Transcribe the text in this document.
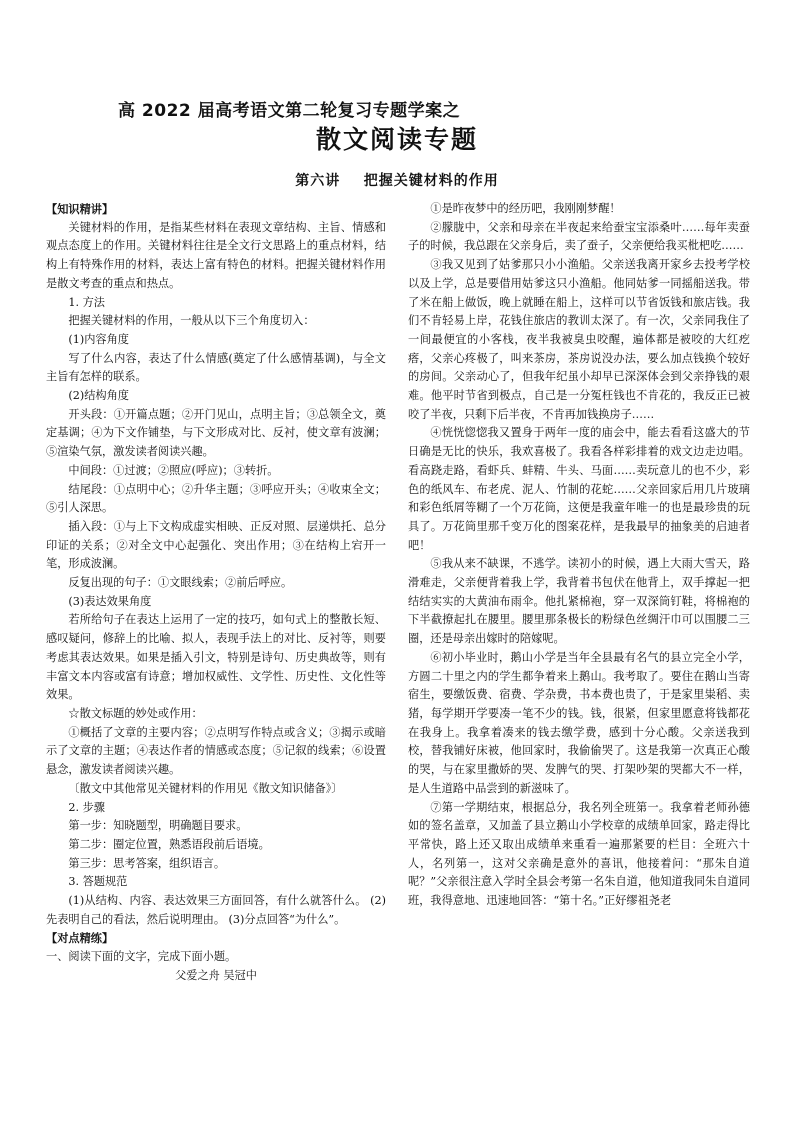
高 2022 届高考语文第二轮复习专题学案之
散文阅读专题
第六讲    把握关键材料的作用

【知识精讲】

关键材料的作用，是指某些材料在表现文章结构、主旨、情感和观点态度上的作用。关键材料往往是全文行文思路上的重点材料，结构上有特殊作用的材料，表达上富有特色的材料。把握关键材料作用是散文考查的重点和热点。

1. 方法

把握关键材料的作用，一般从以下三个角度切入：

(1)内容角度

写了什么内容，表达了什么情感(奠定了什么感情基调)，与全文主旨有怎样的联系。

(2)结构角度

开头段：①开篇点题；②开门见山，点明主旨；③总领全文，奠定基调；④为下文作铺垫，与下文形成对比、反衬，使文章有波澜；⑤渲染气氛，激发读者阅读兴趣。

中间段：①过渡；②照应(呼应)；③转折。

结尾段：①点明中心；②升华主题；③呼应开头；④收束全文；⑤引人深思。

插入段：①与上下文构成虚实相映、正反对照、层递烘托、总分印证的关系；②对全文中心起强化、突出作用；③在结构上宕开一笔，形成波澜。

反复出现的句子：①文眼线索；②前后呼应。

(3)表达效果角度

若所给句子在表达上运用了一定的技巧，如句式上的整散长短、感叹疑问，修辞上的比喻、拟人，表现手法上的对比、反衬等，则要考虑其表达效果。如果是插入引文，特别是诗句、历史典故等，则有丰富文本内容或富有诗意；增加权威性、文学性、历史性、文化性等效果。

☆散文标题的妙处或作用：

①概括了文章的主要内容；②点明写作特点或含义；③揭示或暗示了文章的主题；④表达作者的情感或态度；⑤记叙的线索；⑥设置悬念，激发读者阅读兴趣。

〔散文中其他常见关键材料的作用见《散文知识储备》〕

2. 步骤

第一步：知晓题型，明确题目要求。

第二步：圈定位置，熟悉语段前后语境。

第三步：思考答案，组织语言。

3. 答题规范

(1)从结构、内容、表达效果三方面回答，有什么就答什么。 (2)先表明自己的看法，然后说明理由。 (3)分点回答“为什么”。

【对点精练】

一、阅读下面的文字，完成下面小题。

父爱之舟 吴冠中

①是昨夜梦中的经历吧，我刚刚梦醒！

②朦胧中，父亲和母亲在半夜起来给蚕宝宝添桑叶……每年卖蚕子的时候，我总跟在父亲身后，卖了蚕子，父亲便给我买枇杷吃……

③我又见到了姑爹那只小小渔船。父亲送我离开家乡去投考学校以及上学，总是要借用姑爹这只小渔船。他同姑爹一同摇船送我。带了米在船上做饭，晚上就睡在船上，这样可以节省饭钱和旅店钱。我们不肯轻易上岸，花钱住旅店的教训太深了。有一次，父亲同我住了一间最便宜的小客栈，夜半我被臭虫咬醒，遍体都是被咬的大红疙瘩，父亲心疼极了，叫来茶房，茶房说没办法，要么加点钱换个较好的房间。父亲动心了，但我年纪虽小却早已深深体会到父亲挣钱的艰难。他平时节省到极点，自己是一分冤枉钱也不肯花的，我反正已被咬了半夜，只剩下后半夜，不肯再加钱换房子……

④恍恍惚惚我又置身于两年一度的庙会中，能去看看这盛大的节日确是无比的快乐，我欢喜极了。我看各样彩排着的戏文边走边唱。看高跷走路，看虾兵、蚌精、牛头、马面……卖玩意儿的也不少，彩色的纸风车、布老虎、泥人、竹制的花蛇……父亲回家后用几片玻璃和彩色纸屑等糊了一个万花筒，这便是我童年唯一的也是最珍贵的玩具了。万花筒里那千变万化的图案花样，是我最早的抽象美的启迪者吧！

⑤我从来不缺课，不逃学。读初小的时候，遇上大雨大雪天，路滑难走，父亲便背着我上学，我背着书包伏在他背上，双手撑起一把结结实实的大黄油布雨伞。他扎紧棉袍，穿一双深筒钉鞋，将棉袍的下半截撩起扎在腰里。腰里那条极长的粉绿色丝绸汗巾可以围腰二三圈，还是母亲出嫁时的陪嫁呢。

⑥初小毕业时，鹅山小学是当年全县最有名气的县立完全小学，方圆二十里之内的学生都争着来上鹅山。我考取了。要住在鹅山当寄宿生，要缴饭费、宿费、学杂费，书本费也贵了，于是家里粜稻、卖猪，每学期开学要凑一笔不少的钱。钱，很紧，但家里愿意将钱都花在我身上。我拿着凑来的钱去缴学费，感到十分心酸。父亲送我到校，替我铺好床被，他回家时，我偷偷哭了。这是我第一次真正心酸的哭，与在家里撒娇的哭、发脾气的哭、打架吵架的哭都大不一样，是人生道路中品尝到的新滋味了。

⑦第一学期结束，根据总分，我名列全班第一。我拿着老师孙德如的签名盖章，又加盖了县立鹅山小学校章的成绩单回家，路走得比平常快，路上还又取出成绩单来重看一遍那紧要的栏目：全班六十人，名列第一，这对父亲确是意外的喜讯，他接着问：“那朱自道呢？”父亲很注意入学时全县会考第一名朱自道，他知道我同朱自道同班，我得意地、迅速地回答：“第十名。”正好缪祖尧老
